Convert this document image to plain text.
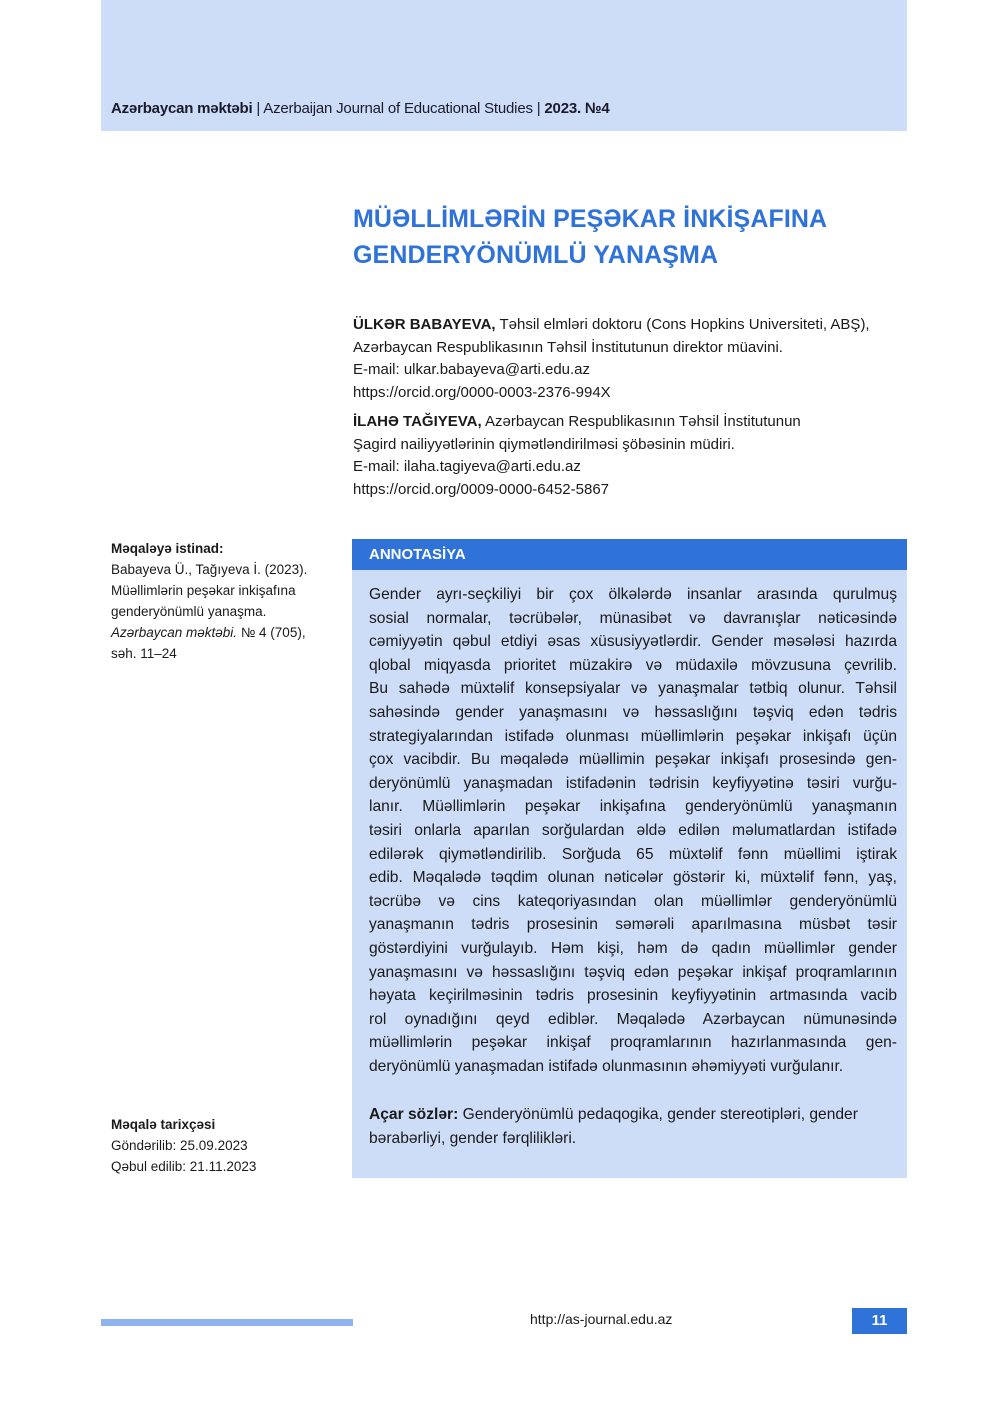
Azərbaycan məktəbi | Azerbaijan Journal of Educational Studies | 2023. №4
MÜƏLLİMLƏRİN PEŞƏKAR İNKİŞAFINA
GENDERYÖNÜMLÜ YANAŞMA
ÜLKƏR BABAYEVA, Təhsil elmləri doktoru (Cons Hopkins Universiteti, ABŞ),
Azərbaycan Respublikasının Təhsil İnstitutunun direktor müavini.
E-mail: ulkar.babayeva@arti.edu.az
https://orcid.org/0000-0003-2376-994X
İLAHƏ TAĞIYEVA, Azərbaycan Respublikasının Təhsil İnstitutunun
Şagird nailiyyətlərinin qiymətləndirilməsi şöbəsinin müdiri.
E-mail: ilaha.tagiyeva@arti.edu.az
https://orcid.org/0009-0000-6452-5867
Məqaləyə istinad:
Babayeva Ü., Tağıyeva İ. (2023).
Müəllimlərin peşəkar inkişafına
genderyönümlü yanaşma.
Azərbaycan məktəbi. № 4 (705),
səh. 11–24
Məqalə tarixçəsi
Göndərilib: 25.09.2023
Qəbul edilib: 21.11.2023
ANNOTASİYA
Gender ayrı-seçkiliyi bir çox ölkələrdə insanlar arasında qurulmuş
sosial normalar, təcrübələr, münasibət və davranışlar nəticəsində
cəmiyyətin qəbul etdiyi əsas xüsusiyyətlərdir. Gender məsələsi hazırda
qlobal miqyasda prioritet müzakirə və müdaxilə mövzusuna çevrilib.
Bu sahədə müxtəlif konsepsiyalar və yanaşmalar tətbiq olunur. Təhsil
sahəsində gender yanaşmasını və həssaslığını təşviq edən tədris
strategiyalarından istifadə olunması müəllimlərin peşəkar inkişafı üçün
çox vacibdir. Bu məqalədə müəllimin peşəkar inkişafı prosesində gen-
deryönümlü yanaşmadan istifadənin tədrisin keyfiyyətinə təsiri vurğu-
lanır. Müəllimlərin peşəkar inkişafına genderyönümlü yanaşmanın
təsiri onlarla aparılan sorğulardan əldə edilən məlumatlardan istifadə
edilərək qiymətləndirilib. Sorğuda 65 müxtəlif fənn müəllimi iştirak
edib. Məqalədə təqdim olunan nəticələr göstərir ki, müxtəlif fənn, yaş,
təcrübə və cins kateqoriyasından olan müəllimlər genderyönümlü
yanaşmanın tədris prosesinin səmərəli aparılmasına müsbət təsir
göstərdiyini vurğulayıb. Həm kişi, həm də qadın müəllimlər gender
yanaşmasını və həssaslığını təşviq edən peşəkar inkişaf proqramlarının
həyata keçirilməsinin tədris prosesinin keyfiyyətinin artmasında vacib
rol oynadığını qeyd ediblər. Məqalədə Azərbaycan nümunəsində
müəllimlərin peşəkar inkişaf proqramlarının hazırlanmasında gen-
deryönümlü yanaşmadan istifadə olunmasının əhəmiyyəti vurğulanır.
Açar sözlər: Genderyönümlü pedaqogika, gender stereotipləri, gender
bərabərliyi, gender fərqlilikləri.
http://as-journal.edu.az	11
